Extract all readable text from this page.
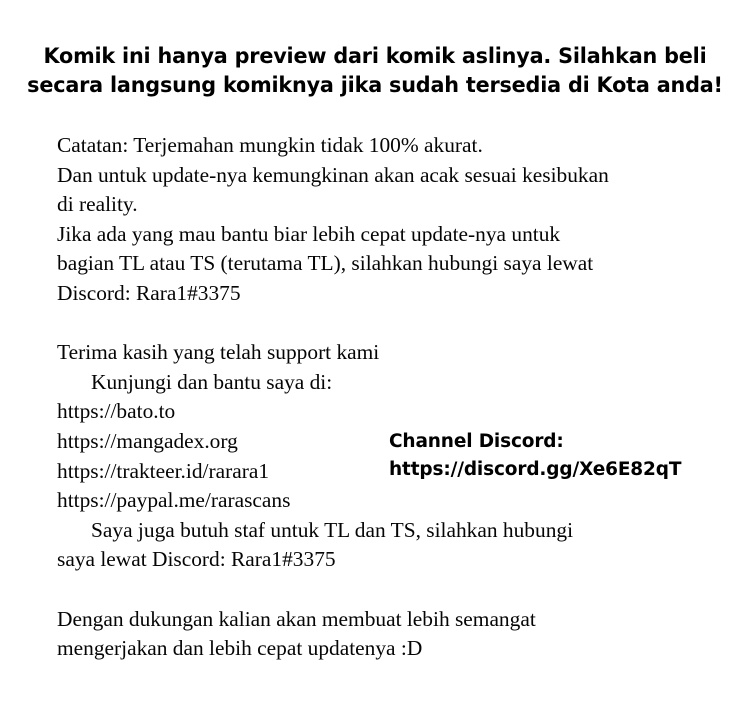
Komik ini hanya preview dari komik aslinya. Silahkan beli
secara langsung komiknya jika sudah tersedia di Kota anda!

Catatan: Terjemahan mungkin tidak 100% akurat.
Dan untuk update-nya kemungkinan akan acak sesuai kesibukan
di reality.
Jika ada yang mau bantu biar lebih cepat update-nya untuk
bagian TL atau TS (terutama TL), silahkan hubungi saya lewat
Discord: Rara1#3375

Terima kasih yang telah support kami
Kunjungi dan bantu saya di:
https://bato.to
https://mangadex.org
https://trakteer.id/rarara1
https://paypal.me/rarascans
Saya juga butuh staf untuk TL dan TS, silahkan hubungi
saya lewat Discord: Rara1#3375

Dengan dukungan kalian akan membuat lebih semangat
mengerjakan dan lebih cepat updatenya :D

Channel Discord:
https://discord.gg/Xe6E82qT
